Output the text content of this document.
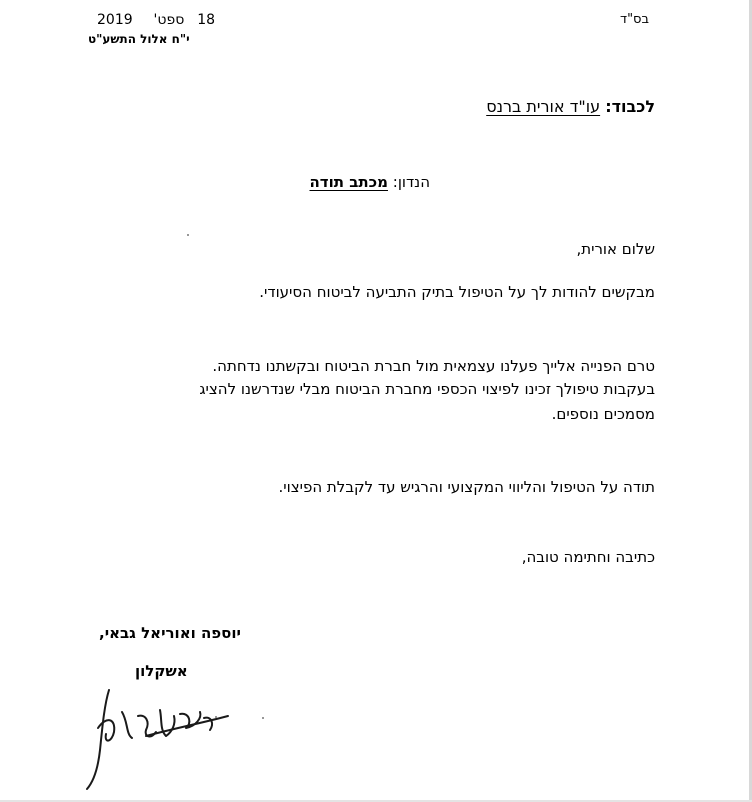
בס"ד
2019 ספט' 18
י"ח אלול התשע"ט
לכבוד: עו"ד אורית ברנס
הנדון: מכתב תודה
שלום אורית,
מבקשים להודות לך על הטיפול בתיק התביעה לביטוח הסיעודי.
טרם הפנייה אלייך פעלנו עצמאית מול חברת הביטוח ובקשתנו נדחתה.
בעקבות טיפולך זכינו לפיצוי הכספי מחברת הביטוח מבלי שנדרשנו להציג
מסמכים נוספים.
תודה על הטיפול והליווי המקצועי והרגיש עד לקבלת הפיצוי.
כתיבה וחתימה טובה,
יוספה ואוריאל גבאי,
אשקלון
